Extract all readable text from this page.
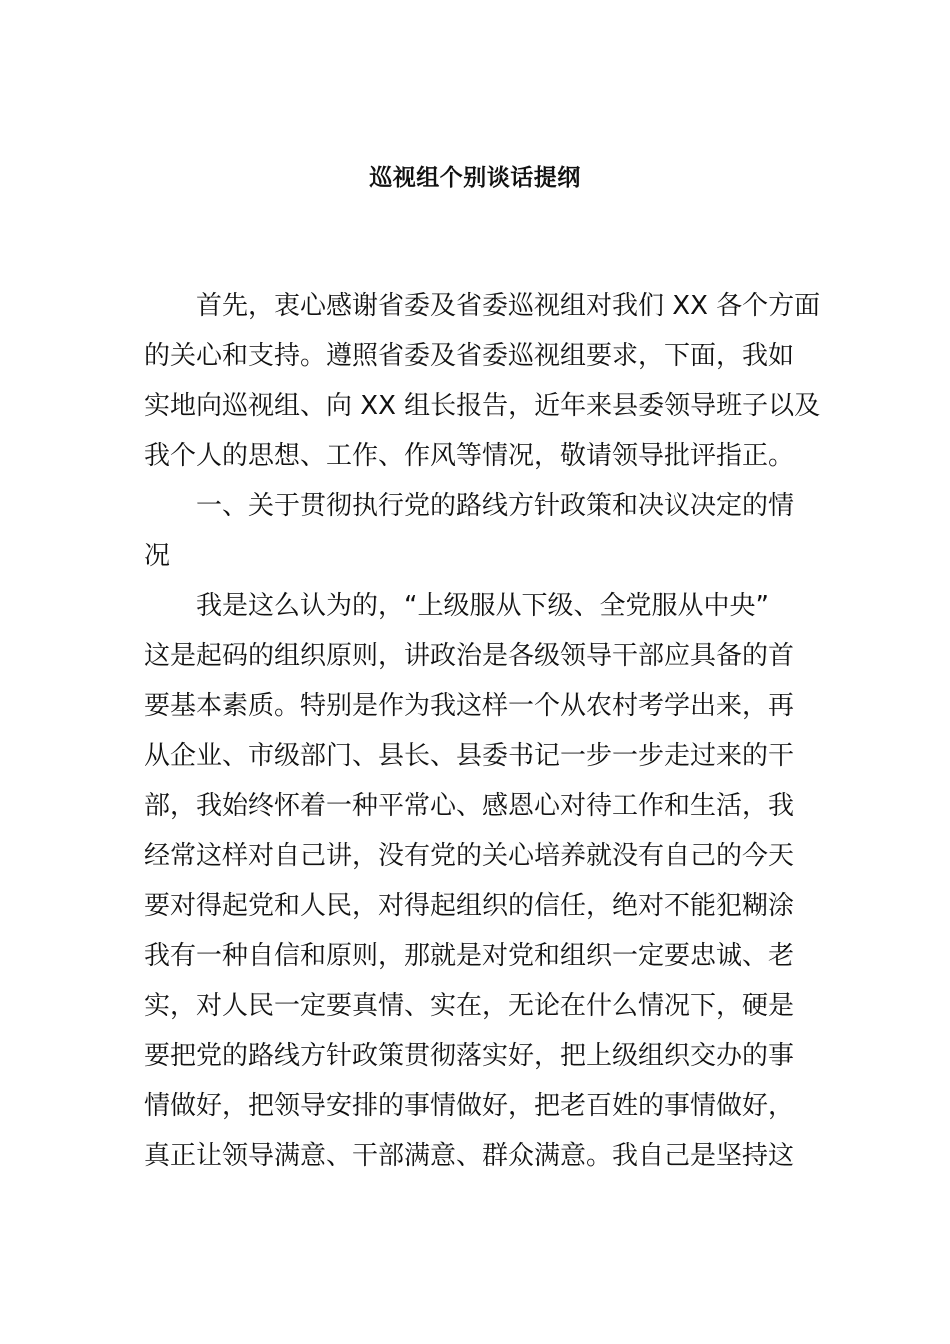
巡视组个别谈话提纲
首先，衷心感谢省委及省委巡视组对我们 XX 各个方面
的关心和支持。遵照省委及省委巡视组要求，下面，我如
实地向巡视组、向 XX 组长报告，近年来县委领导班子以及
我个人的思想、工作、作风等情况，敬请领导批评指正。
一、关于贯彻执行党的路线方针政策和决议决定的情
况
我是这么认为的，“上级服从下级、全党服从中央”
这是起码的组织原则，讲政治是各级领导干部应具备的首
要基本素质。特别是作为我这样一个从农村考学出来，再
从企业、市级部门、县长、县委书记一步一步走过来的干
部，我始终怀着一种平常心、感恩心对待工作和生活，我
经常这样对自己讲，没有党的关心培养就没有自己的今天
要对得起党和人民，对得起组织的信任，绝对不能犯糊涂
我有一种自信和原则，那就是对党和组织一定要忠诚、老
实，对人民一定要真情、实在，无论在什么情况下，硬是
要把党的路线方针政策贯彻落实好，把上级组织交办的事
情做好，把领导安排的事情做好，把老百姓的事情做好，
真正让领导满意、干部满意、群众满意。我自己是坚持这
